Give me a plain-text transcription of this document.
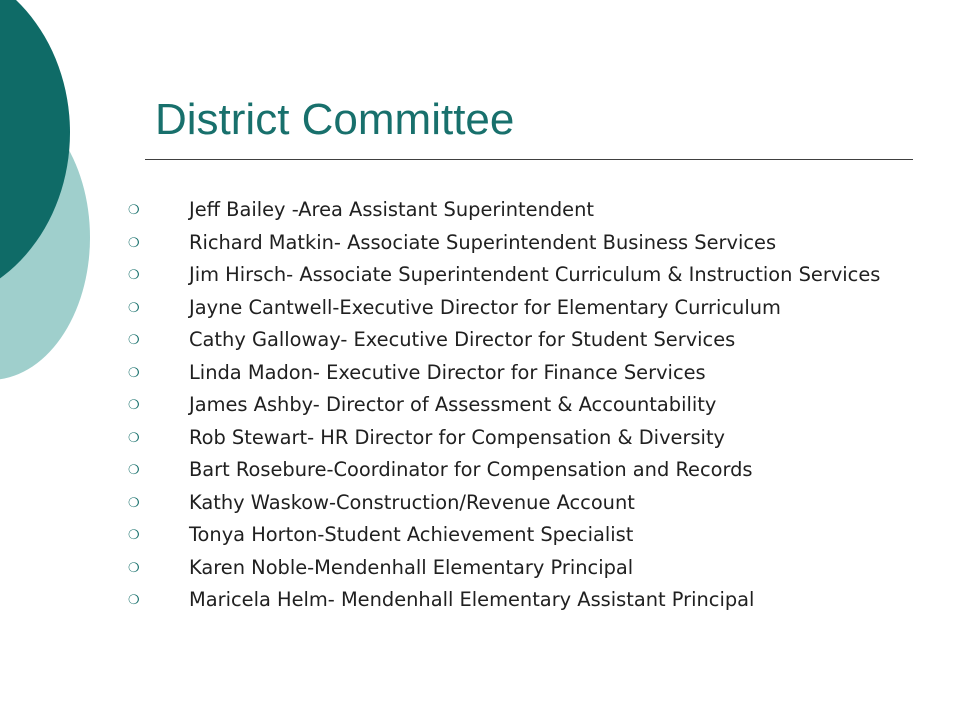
District Committee
❍	Jeff Bailey -Area Assistant Superintendent
❍	Richard Matkin- Associate Superintendent Business Services
❍	Jim Hirsch- Associate Superintendent Curriculum & Instruction Services
❍	Jayne Cantwell-Executive Director for Elementary Curriculum
❍	Cathy Galloway- Executive Director for Student Services
❍	Linda Madon- Executive Director for Finance Services
❍	James Ashby- Director of Assessment & Accountability
❍	Rob Stewart- HR Director for Compensation & Diversity
❍	Bart Rosebure-Coordinator for Compensation and Records
❍	Kathy Waskow-Construction/Revenue Account
❍	Tonya Horton-Student Achievement Specialist
❍	Karen Noble-Mendenhall Elementary Principal
❍	Maricela Helm- Mendenhall Elementary Assistant Principal
